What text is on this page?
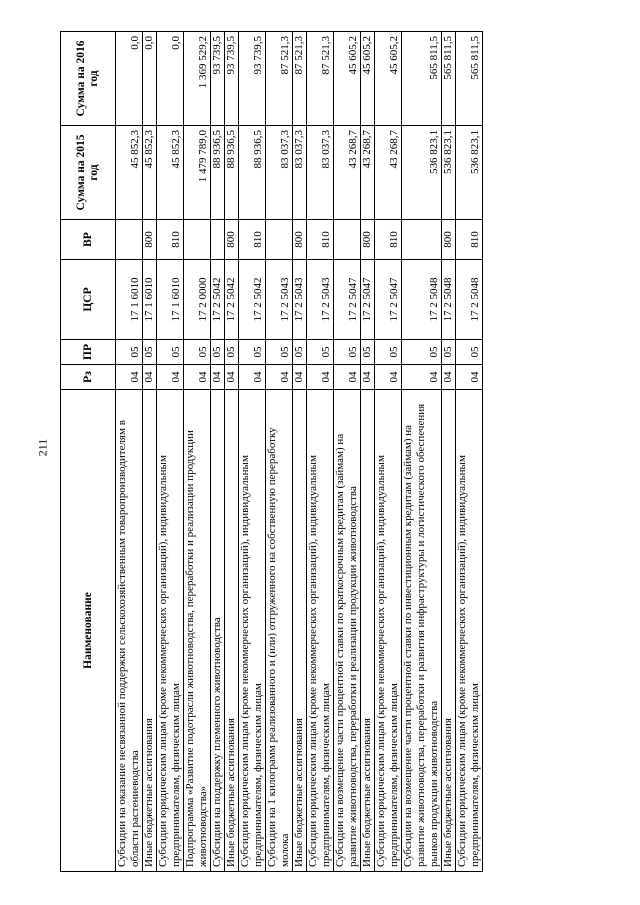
211
Наименование	Рз	ПР	ЦСР	ВР	Сумма на 2015 год	Сумма на 2016 год
Субсидии на оказание несвязанной поддержки сельскохозяйственным товаропроизводителям в области растениеводства	04	05	17 1 6010		45 852,3	0,0
Иные бюджетные ассигнования	04	05	17 1 6010	800	45 852,3	0,0
Субсидии юридическим лицам (кроме некоммерческих организаций), индивидуальным предпринимателям, физическим лицам	04	05	17 1 6010	810	45 852,3	0,0
Подпрограмма «Развитие подотрасли животноводства, переработки и реализации продукции животноводства»	04	05	17 2 0000		1 479 789,0	1 369 529,2
Субсидии на поддержку племенного животноводства	04	05	17 2 5042		88 936,5	93 739,5
Иные бюджетные ассигнования	04	05	17 2 5042	800	88 936,5	93 739,5
Субсидии юридическим лицам (кроме некоммерческих организаций), индивидуальным предпринимателям, физическим лицам	04	05	17 2 5042	810	88 936,5	93 739,5
Субсидии на 1 килограмм реализованного и (или) отгруженного на собственную переработку молока	04	05	17 2 5043		83 037,3	87 521,3
Иные бюджетные ассигнования	04	05	17 2 5043	800	83 037,3	87 521,3
Субсидии юридическим лицам (кроме некоммерческих организаций), индивидуальным предпринимателям, физическим лицам	04	05	17 2 5043	810	83 037,3	87 521,3
Субсидии на возмещение части процентной ставки по краткосрочным кредитам (займам) на развитие животноводства, переработки и реализации продукции животноводства	04	05	17 2 5047		43 268,7	45 605,2
Иные бюджетные ассигнования	04	05	17 2 5047	800	43 268,7	45 605,2
Субсидии юридическим лицам (кроме некоммерческих организаций), индивидуальным предпринимателям, физическим лицам	04	05	17 2 5047	810	43 268,7	45 605,2
Субсидии на возмещение части процентной ставки по инвестиционным кредитам (займам) на развитие животноводства, переработки и развития инфраструктуры и логистического обеспечения рынков продукции животноводства	04	05	17 2 5048		536 823,1	565 811,5
Иные бюджетные ассигнования	04	05	17 2 5048	800	536 823,1	565 811,5
Субсидии юридическим лицам (кроме некоммерческих организаций), индивидуальным предпринимателям, физическим лицам	04	05	17 2 5048	810	536 823,1	565 811,5
